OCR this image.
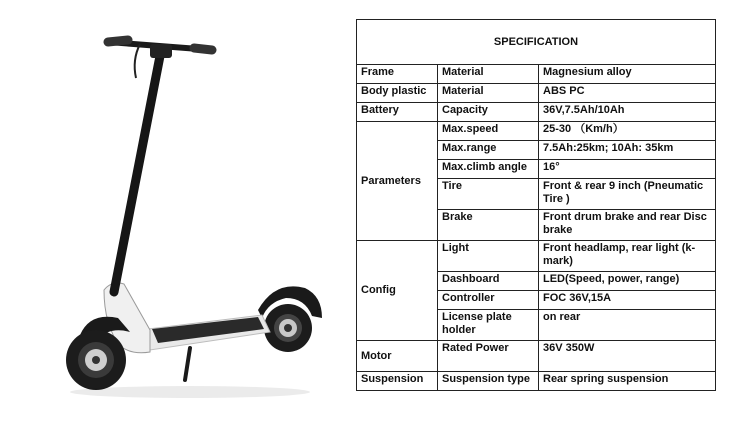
SPECIFICATION		
Frame	Material	Magnesium alloy
Body plastic	Material	ABS PC
Battery	Capacity	36V,7.5Ah/10Ah
Parameters	Max.speed	25-30 （Km/h）
	Max.range	7.5Ah:25km; 10Ah: 35km
	Max.climb angle	16°
	Tire	Front & rear 9 inch (Pneumatic Tire )
	Brake	Front drum brake and rear Disc brake
Config	Light	Front headlamp, rear light (k-mark)
	Dashboard	LED(Speed, power, range)
	Controller	FOC 36V,15A
	License plate holder	on rear
Motor	Rated Power	36V 350W
Suspension	Suspension type	Rear spring suspension
